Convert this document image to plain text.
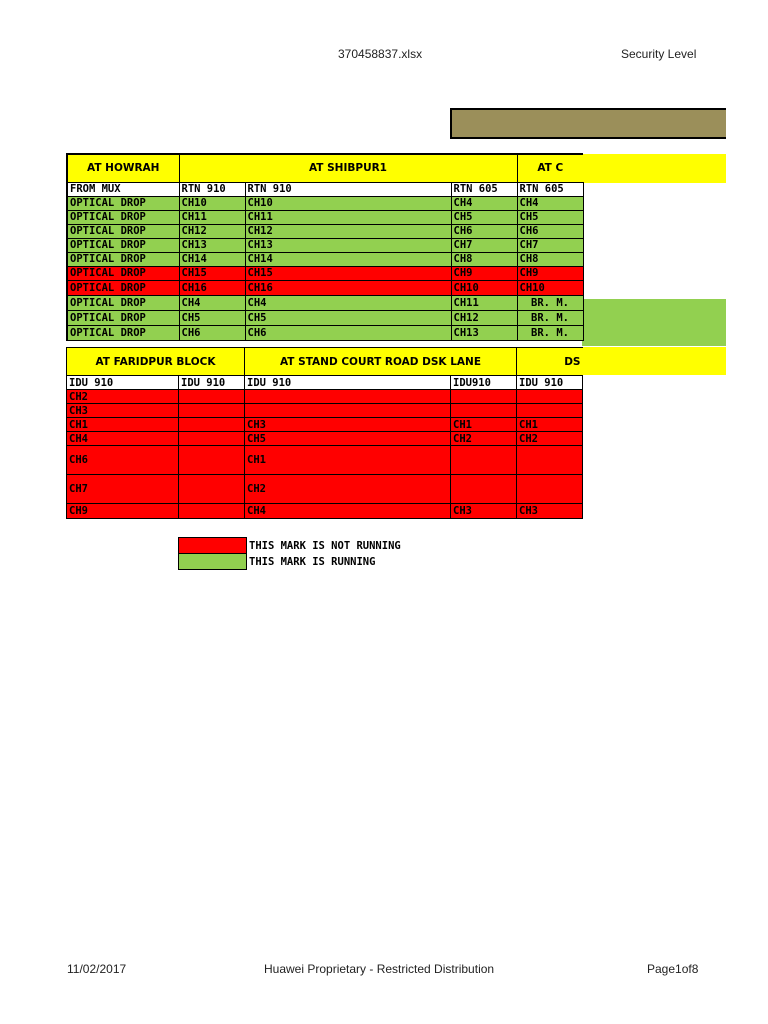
370458837.xlsx	Security Level
AT HOWRAH	AT SHIBPUR1			AT C
FROM MUX	RTN 910	RTN 910	RTN 605	RTN 605
OPTICAL DROP	CH10	CH10	CH4	CH4
OPTICAL DROP	CH11	CH11	CH5	CH5
OPTICAL DROP	CH12	CH12	CH6	CH6
OPTICAL DROP	CH13	CH13	CH7	CH7
OPTICAL DROP	CH14	CH14	CH8	CH8
OPTICAL DROP	CH15	CH15	CH9	CH9
OPTICAL DROP	CH16	CH16	CH10	CH10
OPTICAL DROP	CH4	CH4	CH11	BR. M.
OPTICAL DROP	CH5	CH5	CH12	BR. M.
OPTICAL DROP	CH6	CH6	CH13	BR. M.
AT FARIDPUR BLOCK		AT STAND COURT ROAD DSK LANE		DS
IDU 910	IDU 910	IDU 910	IDU910	IDU 910
CH2				
CH3				
CH1		CH3	CH1	CH1
CH4		CH5	CH2	CH2
CH6		CH1		
CH7		CH2		
CH9		CH4	CH3	CH3
	THIS MARK IS NOT RUNNING
	THIS MARK IS RUNNING
11/02/2017	Huawei Proprietary - Restricted Distribution	Page1of8
